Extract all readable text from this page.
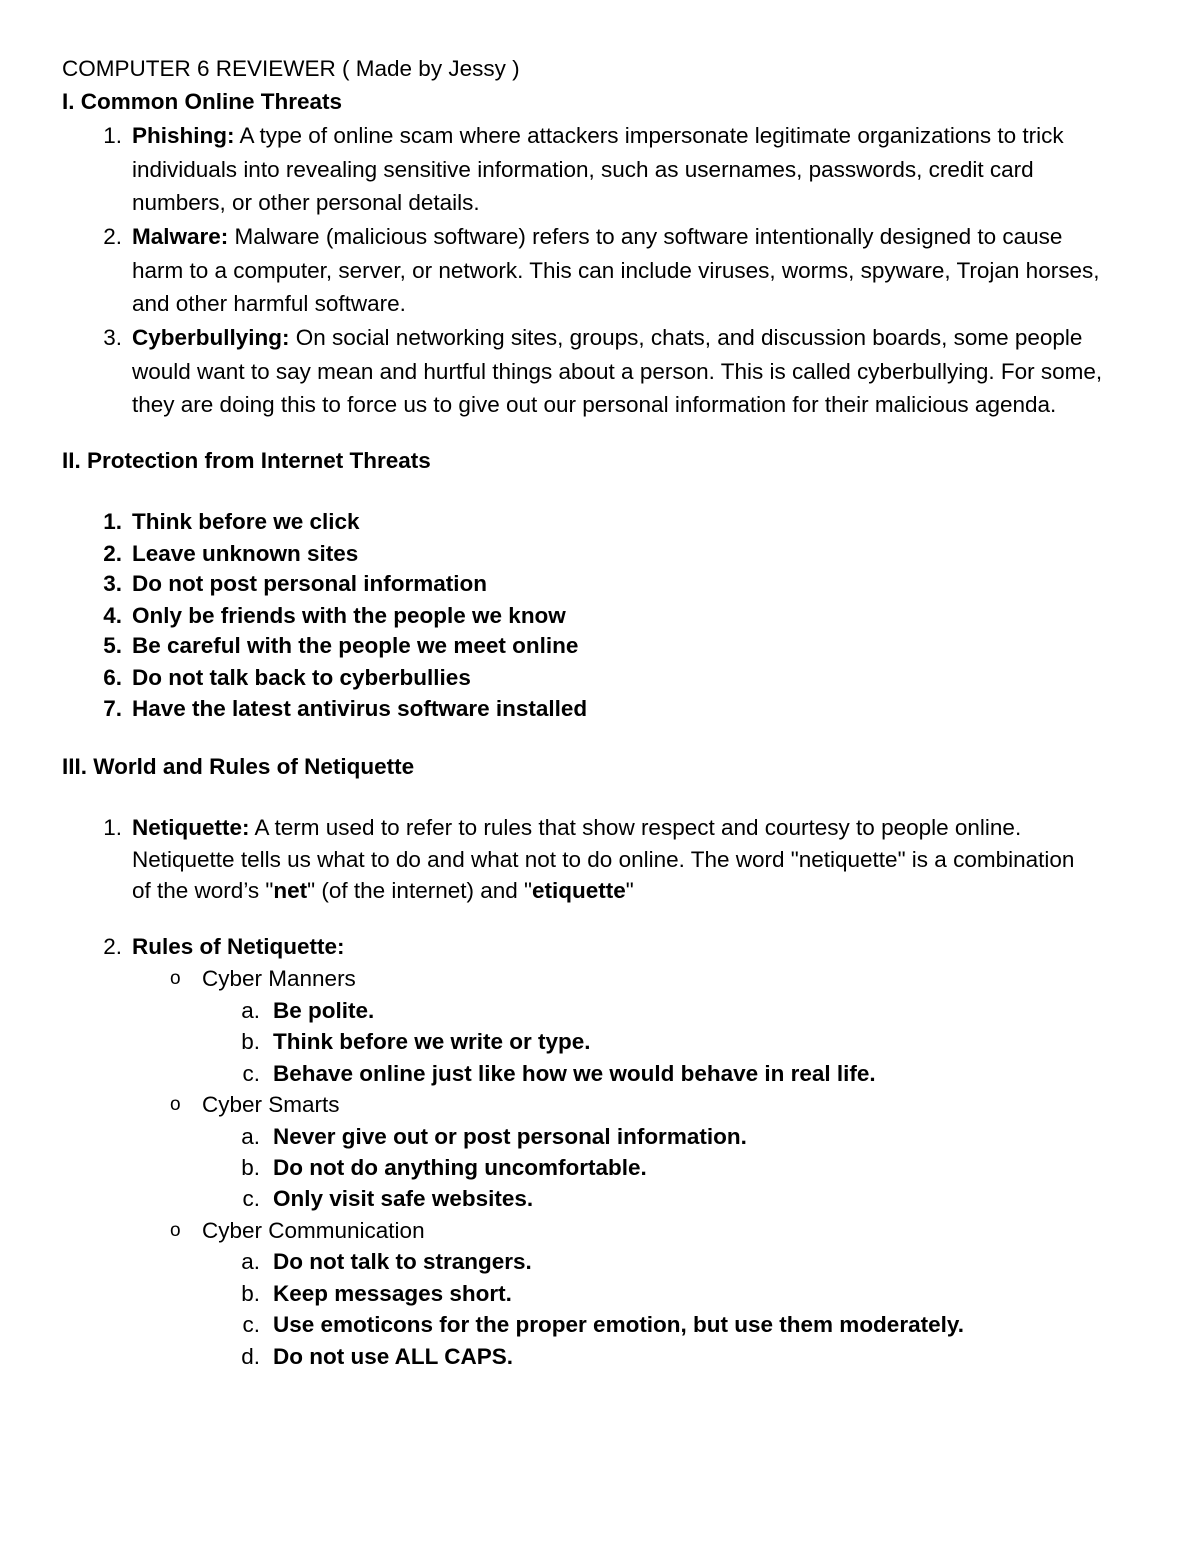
COMPUTER 6 REVIEWER ( Made by Jessy )
I. Common Online Threats
1. Phishing: A type of online scam where attackers impersonate legitimate organizations to trick
individuals into revealing sensitive information, such as usernames, passwords, credit card
numbers, or other personal details.
2. Malware: Malware (malicious software) refers to any software intentionally designed to cause
harm to a computer, server, or network. This can include viruses, worms, spyware, Trojan horses,
and other harmful software.
3. Cyberbullying: On social networking sites, groups, chats, and discussion boards, some people
would want to say mean and hurtful things about a person. This is called cyberbullying. For some,
they are doing this to force us to give out our personal information for their malicious agenda.
II. Protection from Internet Threats
1. Think before we click
2. Leave unknown sites
3. Do not post personal information
4. Only be friends with the people we know
5. Be careful with the people we meet online
6. Do not talk back to cyberbullies
7. Have the latest antivirus software installed
III. World and Rules of Netiquette
1. Netiquette: A term used to refer to rules that show respect and courtesy to people online.
Netiquette tells us what to do and what not to do online. The word "netiquette" is a combination
of the word’s "net" (of the internet) and "etiquette"
2. Rules of Netiquette:
o Cyber Manners
a. Be polite.
b. Think before we write or type.
c. Behave online just like how we would behave in real life.
o Cyber Smarts
a. Never give out or post personal information.
b. Do not do anything uncomfortable.
c. Only visit safe websites.
o Cyber Communication
a. Do not talk to strangers.
b. Keep messages short.
c. Use emoticons for the proper emotion, but use them moderately.
d. Do not use ALL CAPS.
